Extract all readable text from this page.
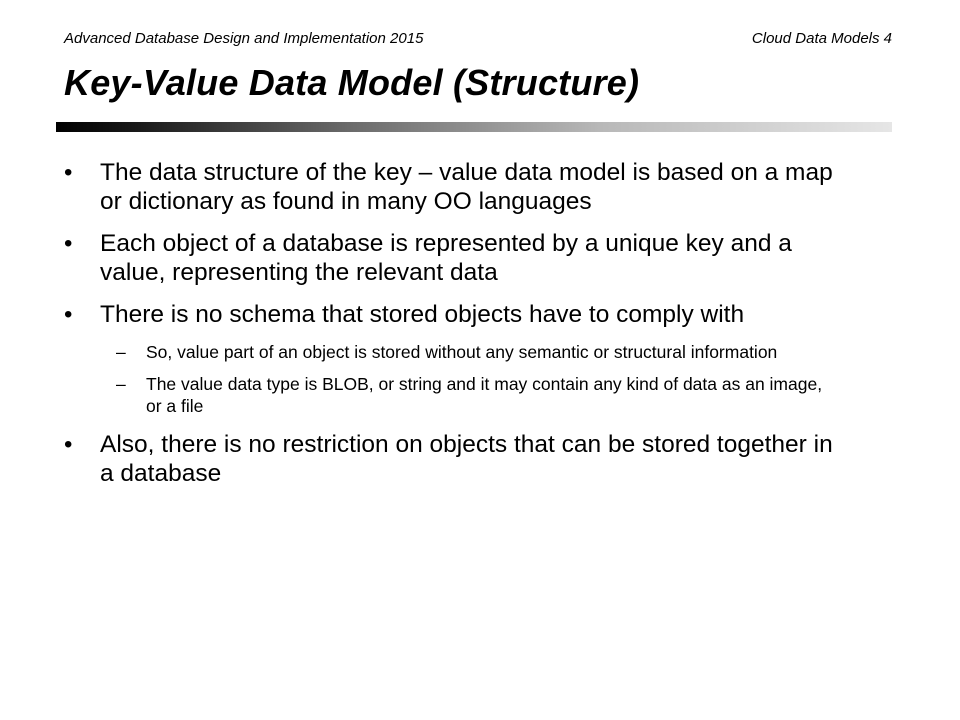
Advanced Database Design and Implementation 2015	Cloud Data Models 4
Key-Value Data Model (Structure)
• The data structure of the key – value data model is based on a map or dictionary as found in many OO languages
• Each object of a database is represented by a unique key and a value, representing the relevant data
• There is no schema that stored objects have to comply with
– So, value part of an object is stored without any semantic or structural information
– The value data type is BLOB, or string and it may contain any kind of data as an image, or a file
• Also, there is no restriction on objects that can be stored together in a database
